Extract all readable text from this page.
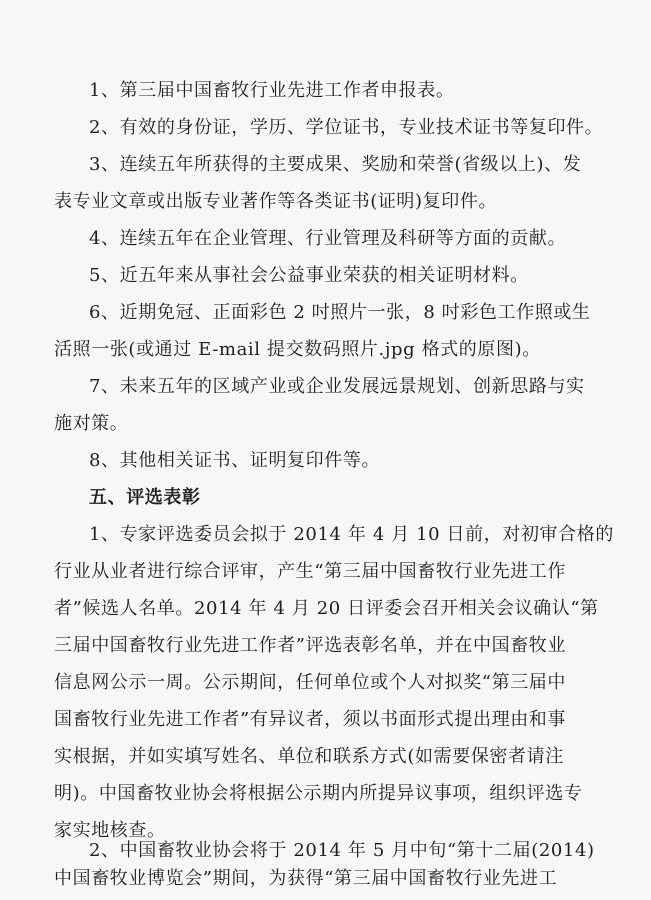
1、第三届中国畜牧行业先进工作者申报表。
2、有效的身份证，学历、学位证书，专业技术证书等复印件。
3、连续五年所获得的主要成果、奖励和荣誉(省级以上)、发
表专业文章或出版专业著作等各类证书(证明)复印件。
4、连续五年在企业管理、行业管理及科研等方面的贡献。
5、近五年来从事社会公益事业荣获的相关证明材料。
6、近期免冠、正面彩色 2 吋照片一张，8 吋彩色工作照或生
活照一张(或通过 E-mail 提交数码照片.jpg 格式的原图)。
7、未来五年的区域产业或企业发展远景规划、创新思路与实
施对策。
8、其他相关证书、证明复印件等。
五、评选表彰
1、专家评选委员会拟于 2014 年 4 月 10 日前，对初审合格的
行业从业者进行综合评审，产生“第三届中国畜牧行业先进工作
者”候选人名单。2014 年 4 月 20 日评委会召开相关会议确认“第
三届中国畜牧行业先进工作者”评选表彰名单，并在中国畜牧业
信息网公示一周。公示期间，任何单位或个人对拟奖“第三届中
国畜牧行业先进工作者”有异议者，须以书面形式提出理由和事
实根据，并如实填写姓名、单位和联系方式(如需要保密者请注
明)。中国畜牧业协会将根据公示期内所提异议事项，组织评选专
家实地核查。
2、中国畜牧业协会将于 2014 年 5 月中旬“第十二届(2014)
中国畜牧业博览会”期间，为获得“第三届中国畜牧行业先进工
